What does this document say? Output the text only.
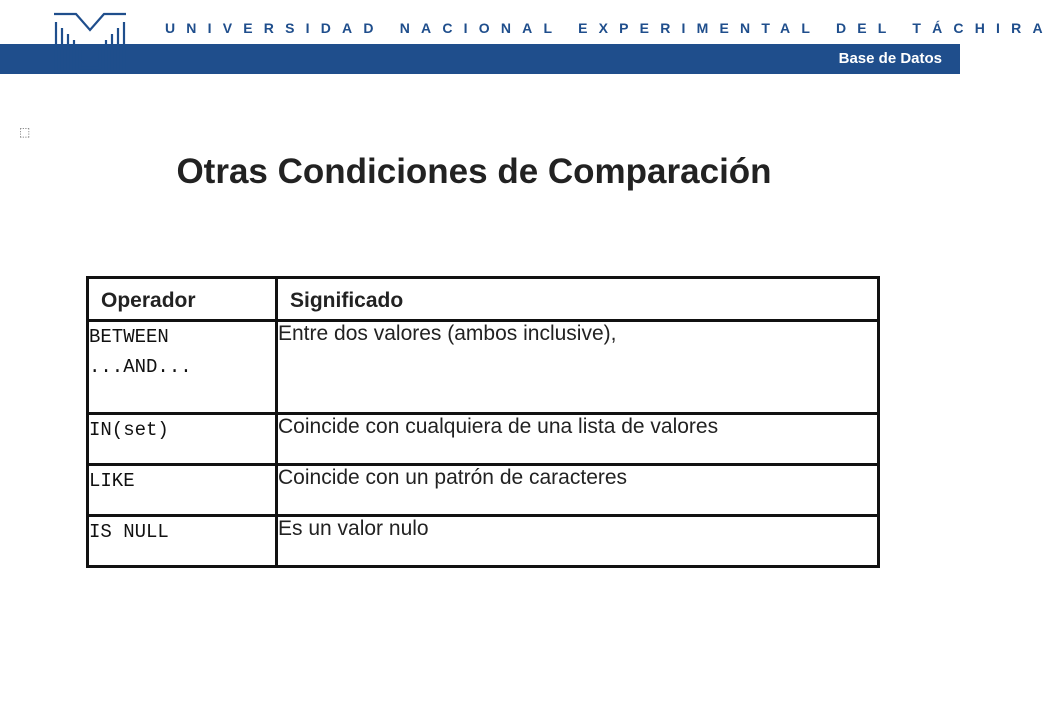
UNIVERSIDAD NACIONAL EXPERIMENTAL DEL TÁCHIRA
Base de Datos
⬚
Otras Condiciones de Comparación
Operador	Significado

BETWEEN
...AND...	Entre dos valores (ambos inclusive),
IN(set)	Coincide con cualquiera de una lista de valores
LIKE	Coincide con un patrón de caracteres
IS NULL	Es un valor nulo
